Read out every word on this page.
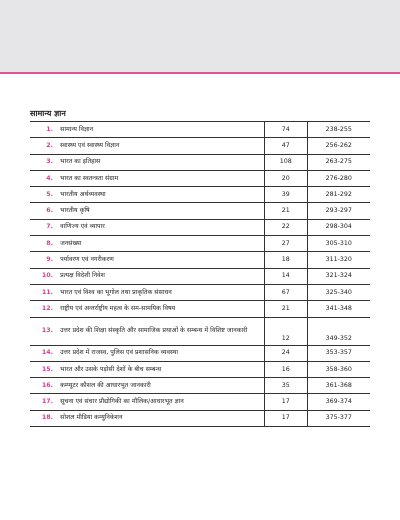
सामान्य ज्ञान
1.	सामान्य विज्ञान	74	238-255
2.	स्वास्थ्य एवं स्वास्थ्य विज्ञान	47	256-262
3.	भारत का इतिहास	108	263-275
4.	भारत का स्वतन्त्रता संग्राम	20	276-280
5.	भारतीय अर्थव्यवस्था	39	281-292
6.	भारतीय कृषि	21	293-297
7.	वाणिज्य एवं व्यापार	22	298-304
8.	जनसंख्या	27	305-310
9.	पर्यावरण एवं नगरीकरण	18	311-320
10.	प्रत्यक्ष विदेशी निवेश	14	321-324
11.	भारत एवं विश्व का भूगोल तथा प्राकृतिक संसाधन	67	325-340
12.	राष्ट्रीय एवं अन्तर्राष्ट्रीय महत्व के सम-सामयिक विषय	21	341-348
13.	उत्तर प्रदेश की शिक्षा संस्कृति और सामाजिक प्रथाओं के सम्बन्ध में विशिष्ट जानकारी	12	349-352
14.	उत्तर प्रदेश में राजस्व, पुलिस एवं प्रशासनिक व्यवस्था	24	353-357
15.	भारत और उसके पड़ोसी देशों के बीच सम्बन्ध	16	358-360
16.	कम्प्यूटर कौशल की आधारभूत जानकारी	35	361-368
17.	सूचना एवं संचार प्रौद्योगिकी का मौलिक/आधारभूत ज्ञान	17	369-374
18.	सोशल मीडिया कम्युनिकेशन	17	375-377
